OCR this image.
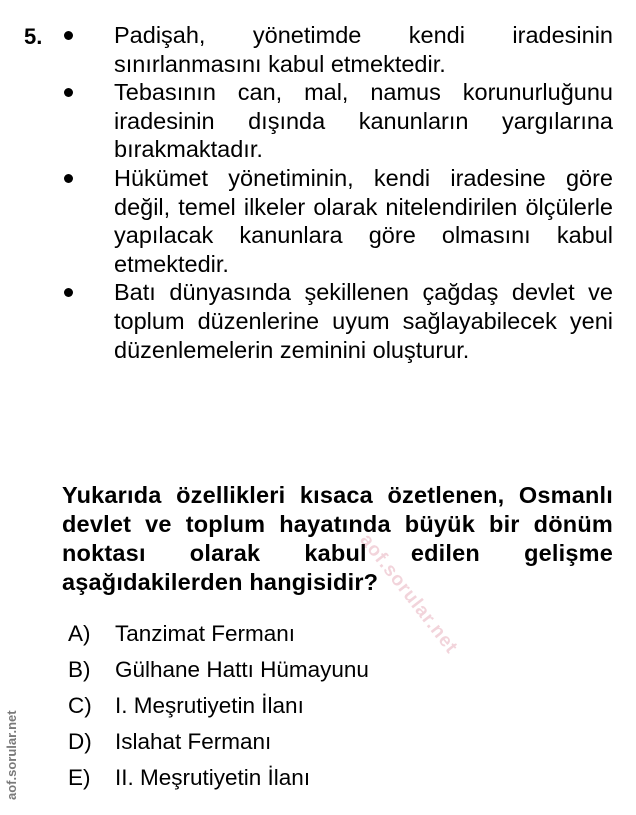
5.	Padişah, yönetimde kendi iradesinin sınırlanmasını kabul etmektedir.
Tebasının can, mal, namus korunurluğunu iradesinin dışında kanunların yargılarına bırakmaktadır.
Hükümet yönetiminin, kendi iradesine göre değil, temel ilkeler olarak nitelendirilen ölçülerle yapılacak kanunlara göre olmasını kabul etmektedir.
Batı dünyasında şekillenen çağdaş devlet ve toplum düzenlerine uyum sağlayabilecek yeni düzenlemelerin zeminini oluşturur.

Yukarıda özellikleri kısaca özetlenen, Osmanlı devlet ve toplum hayatında büyük bir dönüm noktası olarak kabul edilen gelişme aşağıdakilerden hangisidir?

A)	Tanzimat Fermanı
B)	Gülhane Hattı Hümayunu
C)	I. Meşrutiyetin İlanı
D)	Islahat Fermanı
E)	II. Meşrutiyetin İlanı
aof.sorular.net
aof.sorular.net
